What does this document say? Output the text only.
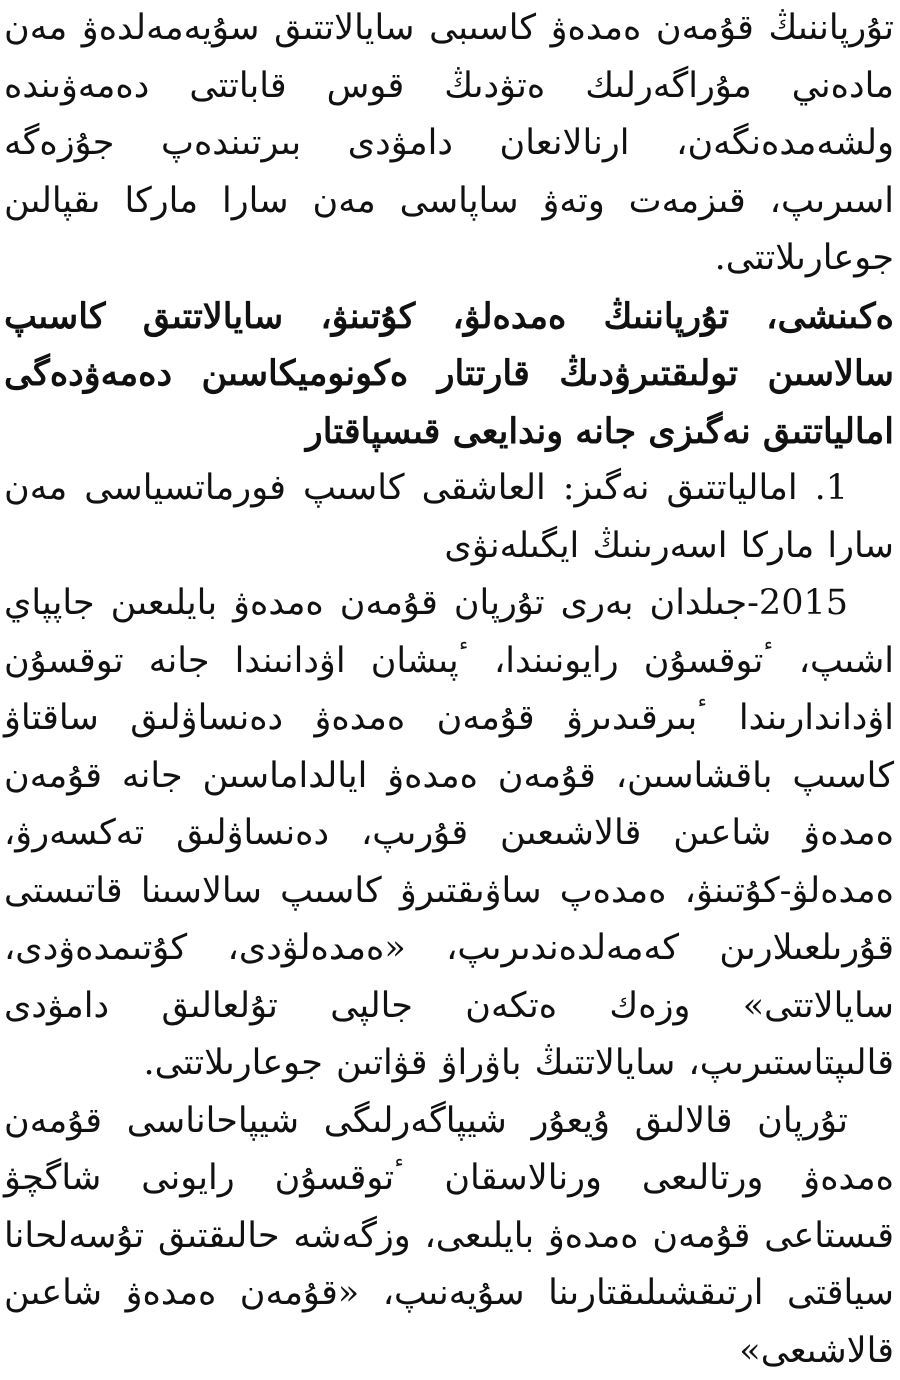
تۇرپاننىڭ قۇمەن ەمدەۋ كاسىبى سايالاتتىق سۇيەمەلدەۋ مەن مادەني مۇراگەرلىك ەتۋدىڭ قوس قاباتتى دەمەۋىندە ولشەمدەنگەن، ارنالانعان دامۋدى بىرتىندەپ جۇزەگە اسىرىپ، قىزمەت وتەۋ ساپاسى مەن سارا ماركا ىقپالىن جوعارىلاتتى.

ەكىنشى، تۇرپاننىڭ ەمدەلۋ، كۇتىنۋ، سايالاتتىق كاسىپ سالاسىن تولىقتىرۋدىڭ قارتتار ەكونوميكاسىن دەمەۋدەگى امالياتتىق نەگىزى جانە وندايعى قىسپاقتار

1. امالياتتىق نەگىز: العاشقى كاسىپ فورماتسياسى مەن سارا ماركا اسەرىنىڭ ايگىلەنۋى

2015-جىلدان بەرى تۇرپان قۇمەن ەمدەۋ بايلىعىن جاپپاي اشىپ، ٴتوقسۇن رايونىندا، ٴپىشان اۋدانىندا جانە توقسۇن اۋداندارىندا ٴبىرقىدىرۋ قۇمەن ەمدەۋ دەنساۋلىق ساقتاۋ كاسىپ باقشاسىن، قۇمەن ەمدەۋ ايالداماسىن جانە قۇمەن ەمدەۋ شاعىن قالاشىعىن قۇرىپ، دەنساۋلىق تەكسەرۋ، ەمدەلۋ-كۇتىنۋ، ەمدەپ ساۋىقتىرۋ كاسىپ سالاسىنا قاتىستى قۇرىلعىلارىن كەمەلدەندىرىپ، «ەمدەلۋدى، كۇتىمدەۋدى، سايالاتتى» وزەك ەتكەن جالپى تۇلعالىق دامۋدى قالىپتاستىرىپ، سايالاتتىڭ باۋراۋ قۋاتىن جوعارىلاتتى.

تۇرپان قالالىق ۇيعۇر شيپاگەرلىگى شيپاحاناسى قۇمەن ەمدەۋ ورتالىعى ورنالاسقان ٴتوقسۇن رايونى شاگچۋ قىستاعى قۇمەن ەمدەۋ بايلىعى، وزگەشە حالىقتىق تۇسەلحانا سياقتى ارتىقشىلىقتارىنا سۇيەنىپ، «قۇمەن ەمدەۋ شاعىن قالاشىعى»
